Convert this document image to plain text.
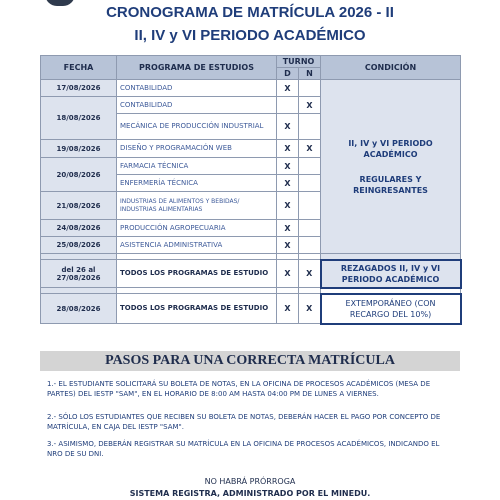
CRONOGRAMA DE MATRÍCULA 2026 - II
II, IV y VI PERIODO ACADÉMICO
FECHA	PROGRAMA DE ESTUDIOS	TURNO		CONDICIÓN
		D	N	
17/08/2026	CONTABILIDAD	X		II, IV y VI PERIODO ACADÉMICO
REGULARES Y REINGRESANTES

18/08/2026	CONTABILIDAD		X	
	MECÁNICA DE PRODUCCIÓN INDUSTRIAL	X		
19/08/2026	DISEÑO Y PROGRAMACIÓN WEB	X	X	
20/08/2026	FARMACIA TÉCNICA	X		
	ENFERMERÍA TÉCNICA	X		
21/08/2026	INDUSTRIAS DE ALIMENTOS Y BEBIDAS/ INDUSTRIAS ALIMENTARIAS	X		
24/08/2026	PRODUCCIÓN AGROPECUARIA	X		
25/08/2026	ASISTENCIA ADMINISTRATIVA	X		

del 26 al 27/08/2026	TODOS LOS PROGRAMAS DE ESTUDIO	X	X	REZAGADOS II, IV y VI PERIODO ACADÉMICO

28/08/2026	TODOS LOS PROGRAMAS DE ESTUDIO	X	X	EXTEMPORÁNEO (CON RECARGO DEL 10%)
PASOS PARA UNA CORRECTA MATRÍCULA
1.- EL ESTUDIANTE SOLICITARÁ SU BOLETA DE NOTAS, EN LA OFICINA DE PROCESOS ACADÉMICOS (MESA DE PARTES) DEL IESTP "SAM", EN EL HORARIO DE 8:00 AM HASTA 04:00 PM DE LUNES A VIERNES.
2.- SÓLO LOS ESTUDIANTES QUE RECIBEN SU BOLETA DE NOTAS, DEBERÁN HACER EL PAGO POR CONCEPTO DE MATRÍCULA, EN CAJA DEL IESTP "SAM".
3.- ASIMISMO, DEBERÁN REGISTRAR SU MATRÍCULA EN LA OFICINA DE PROCESOS ACADÉMICOS, INDICANDO EL NRO DE SU DNI.
NO HABRÁ PRÓRROGA
SISTEMA REGISTRA, ADMINISTRADO POR EL MINEDU.
